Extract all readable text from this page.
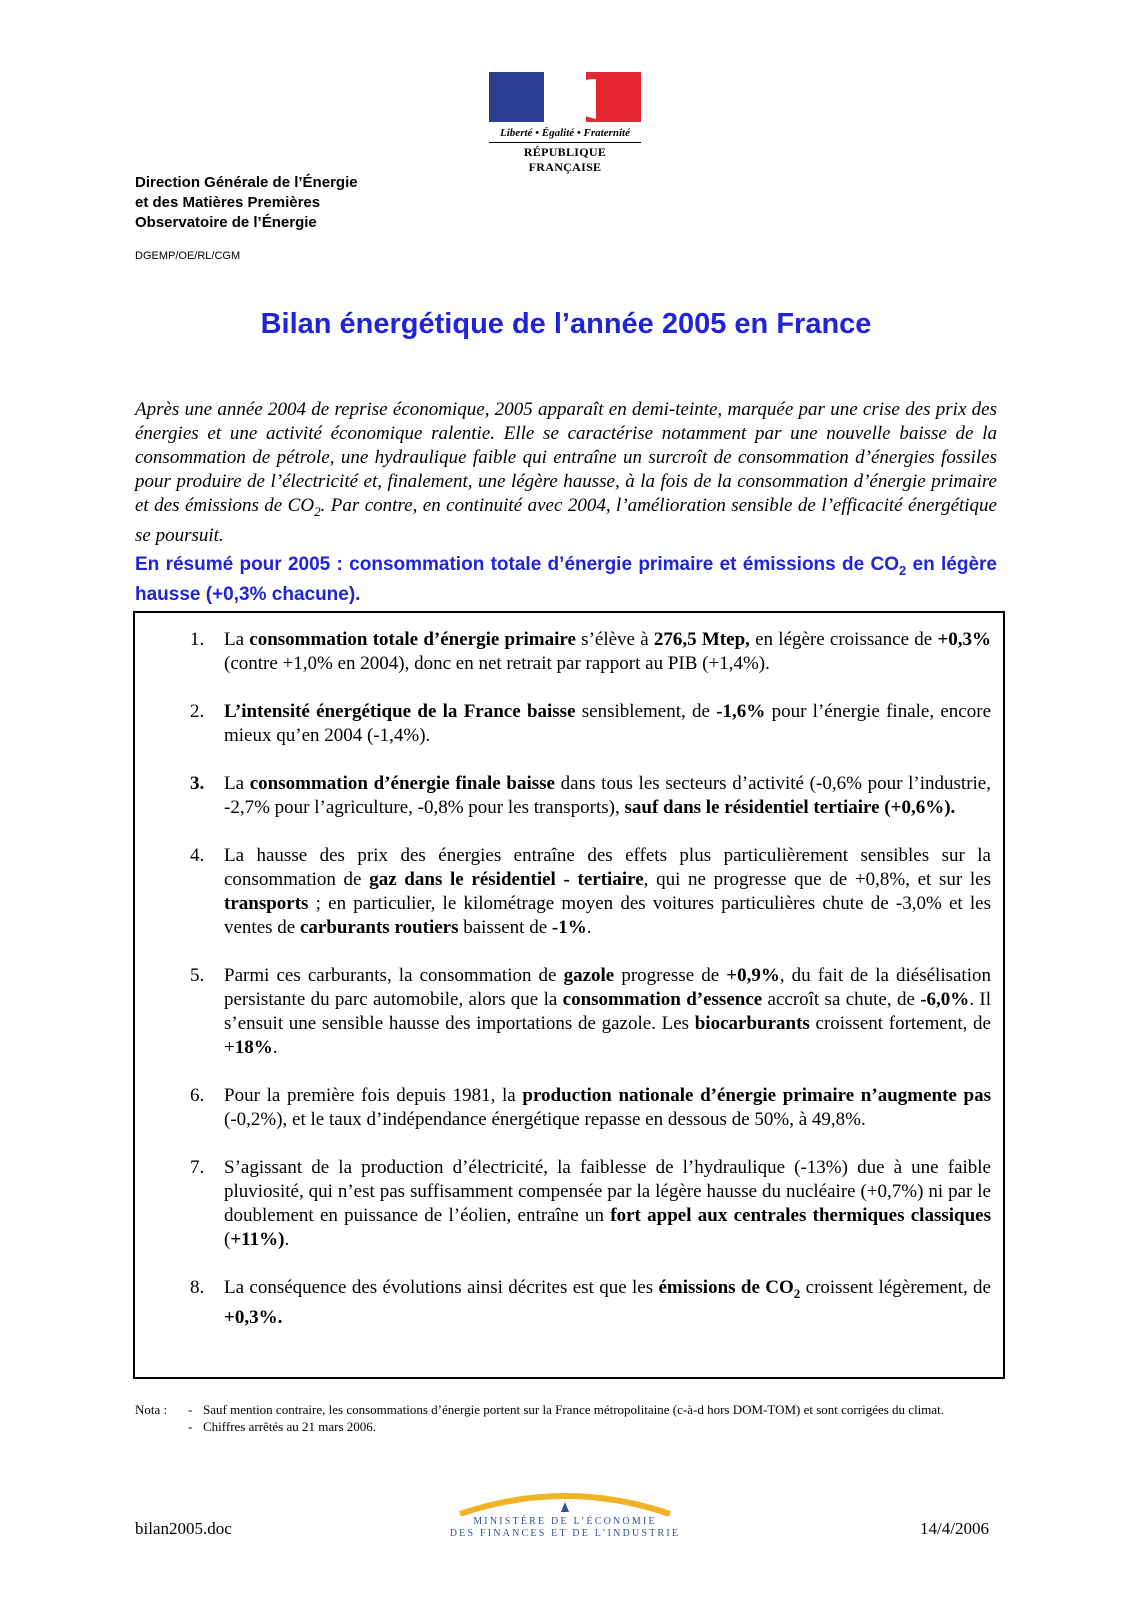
Liberté • Égalité • Fraternité
RÉPUBLIQUE FRANÇAISE
Direction Générale de l’Énergie
et des Matières Premières
Observatoire de l’Énergie
DGEMP/OE/RL/CGM
Bilan énergétique de l’année 2005 en France
Après une année 2004 de reprise économique, 2005 apparaît en demi-teinte, marquée par une crise des prix des énergies et une activité économique ralentie. Elle se caractérise notamment par une nouvelle baisse de la consommation de pétrole, une hydraulique faible qui entraîne un surcroît de consommation d’énergies fossiles pour produire de l’électricité et, finalement, une légère hausse, à la fois de la consommation d’énergie primaire et des émissions de $CO_2$. Par contre, en continuité avec 2004, l’amélioration sensible de l’efficacité énergétique se poursuit.
En résumé pour 2005 : consommation totale d’énergie primaire et émissions de $CO_2$ en légère hausse (+0,3% chacune).
1. La consommation totale d’énergie primaire s’élève à 276,5 Mtep, en légère croissance de +0,3% (contre +1,0% en 2004), donc en net retrait par rapport au PIB (+1,4%).
2. L’intensité énergétique de la France baisse sensiblement, de -1,6% pour l’énergie finale, encore mieux qu’en 2004 (-1,4%).
3. La consommation d’énergie finale baisse dans tous les secteurs d’activité (-0,6% pour l’industrie, -2,7% pour l’agriculture, -0,8% pour les transports), sauf dans le résidentiel tertiaire (+0,6%).
4. La hausse des prix des énergies entraîne des effets plus particulièrement sensibles sur la consommation de gaz dans le résidentiel - tertiaire, qui ne progresse que de +0,8%, et sur les transports ; en particulier, le kilométrage moyen des voitures particulières chute de -3,0% et les ventes de carburants routiers baissent de -1%.
5. Parmi ces carburants, la consommation de gazole progresse de +0,9%, du fait de la diésélisation persistante du parc automobile, alors que la consommation d’essence accroît sa chute, de -6,0%. Il s’ensuit une sensible hausse des importations de gazole. Les biocarburants croissent fortement, de +18%.
6. Pour la première fois depuis 1981, la production nationale d’énergie primaire n’augmente pas (-0,2%), et le taux d’indépendance énergétique repasse en dessous de 50%, à 49,8%.
7. S’agissant de la production d’électricité, la faiblesse de l’hydraulique (-13%) due à une faible pluviosité, qui n’est pas suffisamment compensée par la légère hausse du nucléaire (+0,7%) ni par le doublement en puissance de l’éolien, entraîne un fort appel aux centrales thermiques classiques (+11%).
8. La conséquence des évolutions ainsi décrites est que les émissions de $CO_2$ croissent légèrement, de +0,3%.
Nota : - Sauf mention contraire, les consommations d’énergie portent sur la France métropolitaine (c-à-d hors DOM-TOM) et sont corrigées du climat.
- Chiffres arrêtés au 21 mars 2006.
bilan2005.doc	MINISTÈRE DE L’ÉCONOMIE
DES FINANCES ET DE L’INDUSTRIE	14/4/2006
